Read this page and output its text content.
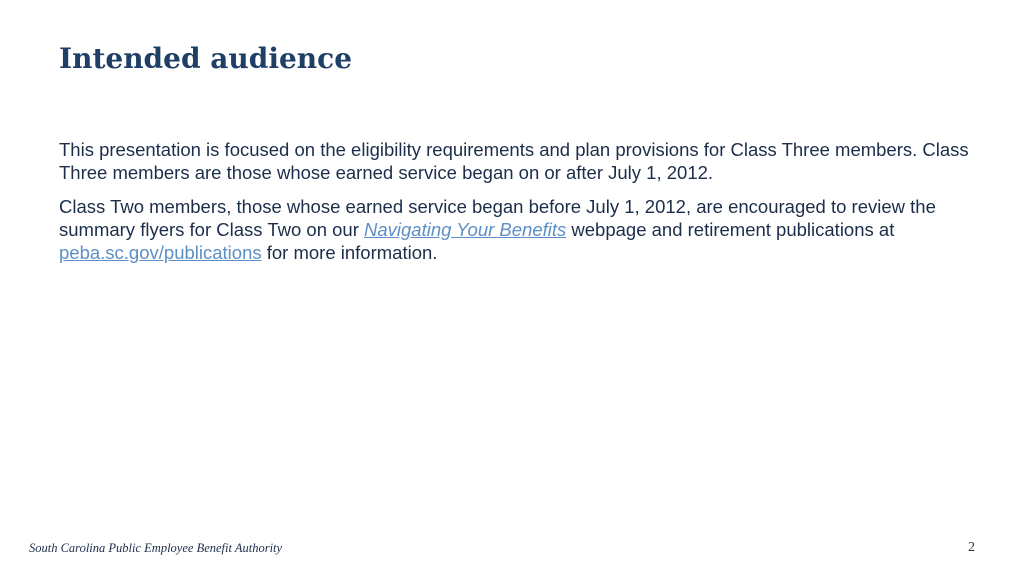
Intended audience

This presentation is focused on the eligibility requirements and plan provisions for Class Three members. Class Three members are those whose earned service began on or after July 1, 2012.

Class Two members, those whose earned service began before July 1, 2012, are encouraged to review the summary flyers for Class Two on our Navigating Your Benefits webpage and retirement publications at peba.sc.gov/publications for more information.

South Carolina Public Employee Benefit Authority	2
